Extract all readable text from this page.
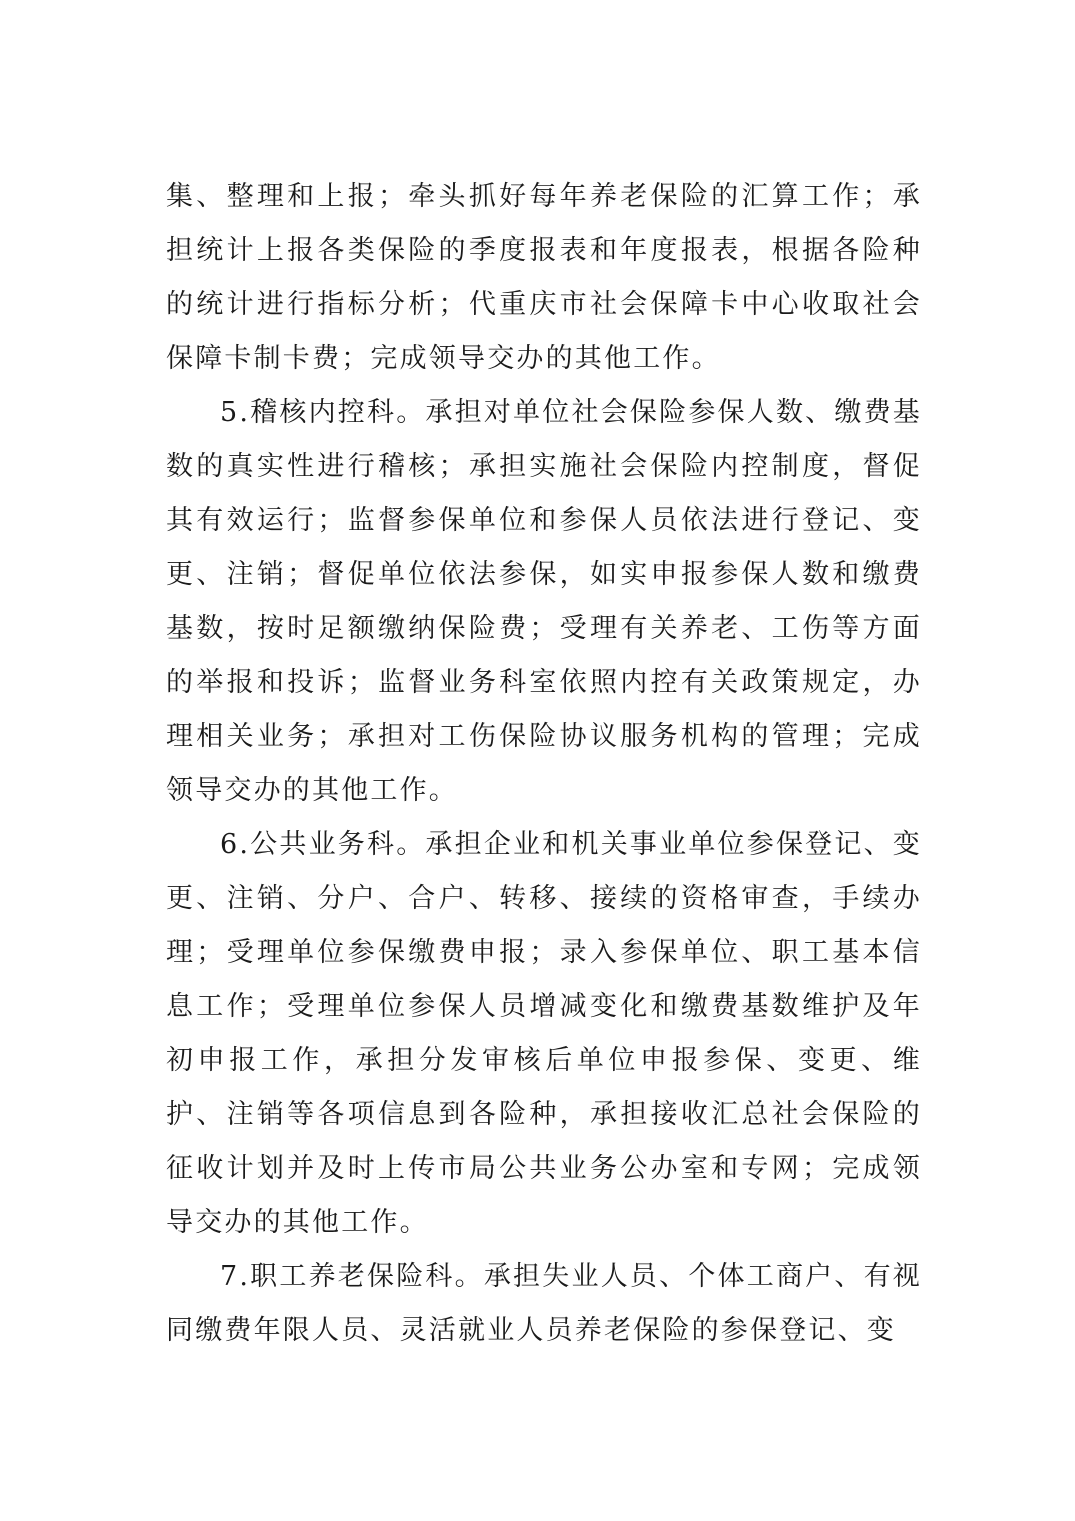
集、整理和上报；牵头抓好每年养老保险的汇算工作；承担统计上报各类保险的季度报表和年度报表，根据各险种的统计进行指标分析；代重庆市社会保障卡中心收取社会保障卡制卡费；完成领导交办的其他工作。

5.稽核内控科。承担对单位社会保险参保人数、缴费基数的真实性进行稽核；承担实施社会保险内控制度，督促其有效运行；监督参保单位和参保人员依法进行登记、变更、注销；督促单位依法参保，如实申报参保人数和缴费基数，按时足额缴纳保险费；受理有关养老、工伤等方面的举报和投诉；监督业务科室依照内控有关政策规定，办理相关业务；承担对工伤保险协议服务机构的管理；完成领导交办的其他工作。

6.公共业务科。承担企业和机关事业单位参保登记、变更、注销、分户、合户、转移、接续的资格审查，手续办理；受理单位参保缴费申报；录入参保单位、职工基本信息工作；受理单位参保人员增减变化和缴费基数维护及年初申报工作，承担分发审核后单位申报参保、变更、维护、注销等各项信息到各险种，承担接收汇总社会保险的征收计划并及时上传市局公共业务公办室和专网；完成领导交办的其他工作。

7.职工养老保险科。承担失业人员、个体工商户、有视同缴费年限人员、灵活就业人员养老保险的参保登记、变
